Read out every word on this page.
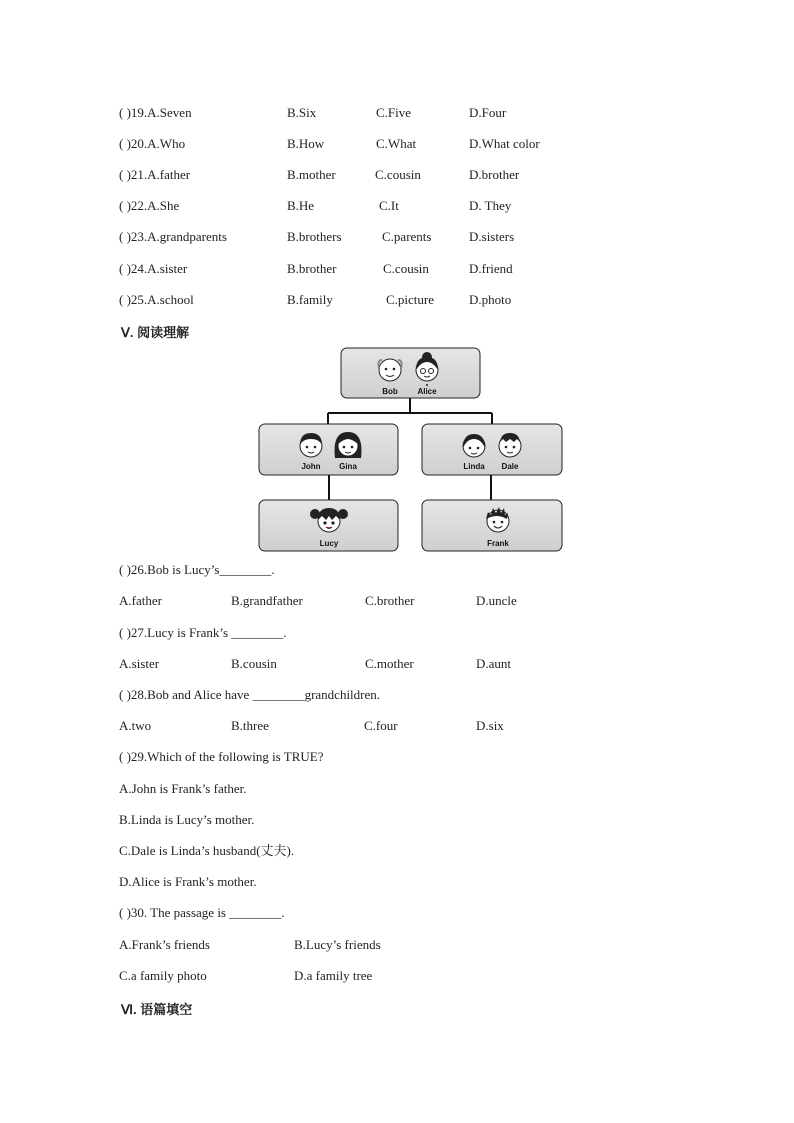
( )19.A.Seven	B.Six	C.Five	D.Four
( )20.A.Who	B.How	C.What	D.What color
( )21.A.father	B.mother	C.cousin	D.brother
( )22.A.She	B.He	C.It	D. They
( )23.A.grandparents	B.brothers	C.parents	D.sisters
( )24.A.sister	B.brother	C.cousin	D.friend
( )25.A.school	B.family	C.picture	D.photo
Ⅴ. 阅读理解
Bob Alice
John Gina	Linda Dale
Lucy	Frank
( )26.Bob is Lucy’s________.
A.father	B.grandfather	C.brother	D.uncle
( )27.Lucy is Frank’s ________.
A.sister	B.cousin	C.mother	D.aunt
( )28.Bob and Alice have ________grandchildren.
A.two	B.three	C.four	D.six
( )29.Which of the following is TRUE?
A.John is Frank’s father.
B.Linda is Lucy’s mother.
C.Dale is Linda’s husband(丈夫).
D.Alice is Frank’s mother.
( )30. The passage is ________.
A.Frank’s friends	B.Lucy’s friends
C.a family photo	D.a family tree
Ⅵ. 语篇填空
